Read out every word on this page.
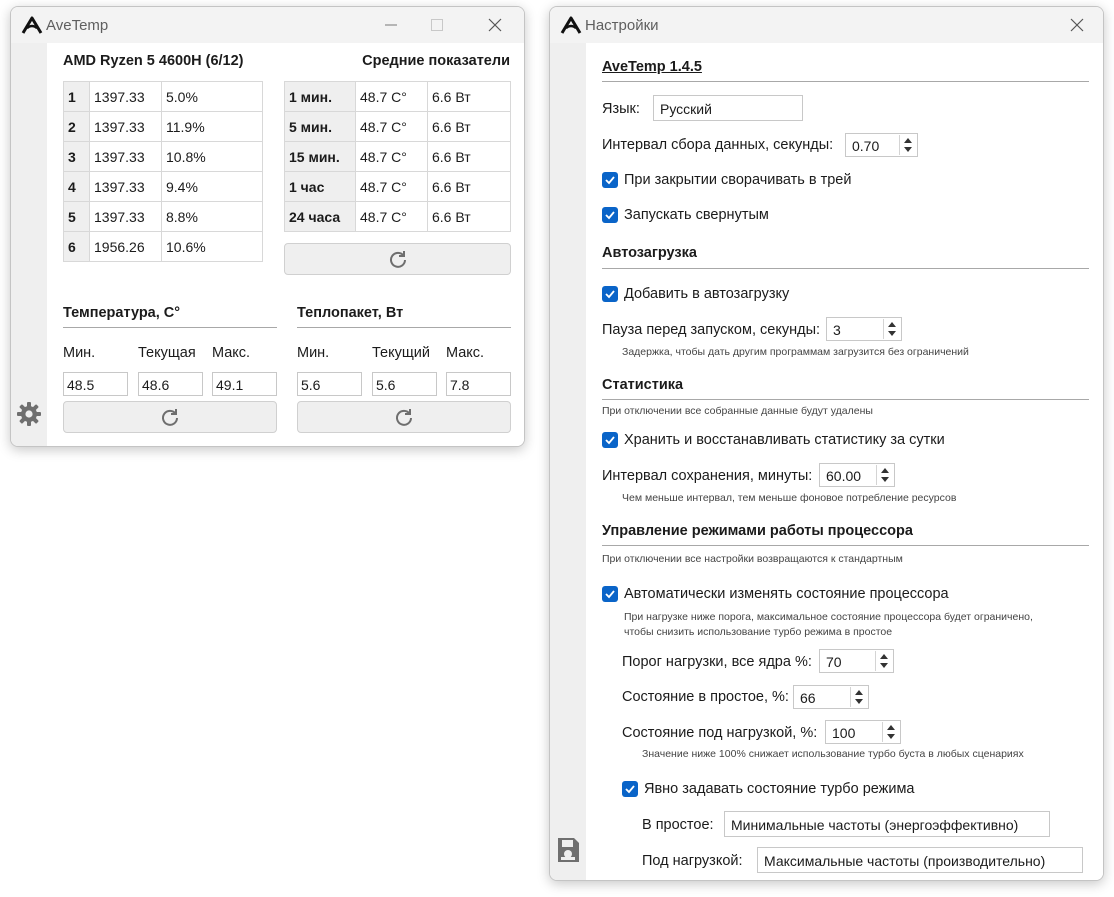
AveTemp
AMD Ryzen 5 4600H (6/12)	Средние показатели
1	1397.33	5.0%
2	1397.33	11.9%
3	1397.33	10.8%
4	1397.33	9.4%
5	1397.33	8.8%
6	1956.26	10.6%
1 мин.	48.7 C°	6.6 Вт
5 мин.	48.7 C°	6.6 Вт
15 мин.	48.7 C°	6.6 Вт
1 час	48.7 C°	6.6 Вт
24 часа	48.7 C°	6.6 Вт
Температура, C°
Мин.	Текущая Макс.
48.5	48.6	49.1
Теплопакет, Вт
Мин.	Текущий Макс.
5.6	5.6	7.8
Настройки
AveTemp 1.4.5
Язык:	Русский
Интервал сбора данных, секунды:	0.70
При закрытии сворачивать в трей
Запускать свернутым
Автозагрузка
Добавить в автозагрузку
Пауза перед запуском, секунды: 3
Задержка, чтобы дать другим программам загрузится без ограничений
Статистика
При отключении все собранные данные будут удалены
Хранить и восстанавливать статистику за сутки
Интервал сохранения, минуты: 60.00
Чем меньше интервал, тем меньше фоновое потребление ресурсов
Управление режимами работы процессора
При отключении все настройки возвращаются к стандартным
Автоматически изменять состояние процессора
При нагрузке ниже порога, максимальное состояние процессора будет ограничено,
чтобы снизить использование турбо режима в простое
Порог нагрузки, все ядра %:	70
Состояние в простое, %: 66
Состояние под нагрузкой, %:	100
Значение ниже 100% снижает использование турбо буста в любых сценариях
Явно задавать состояние турбо режима
В простое:	Минимальные частоты (энергоэффективно)
Под нагрузкой:	Максимальные частоты (производительно)
